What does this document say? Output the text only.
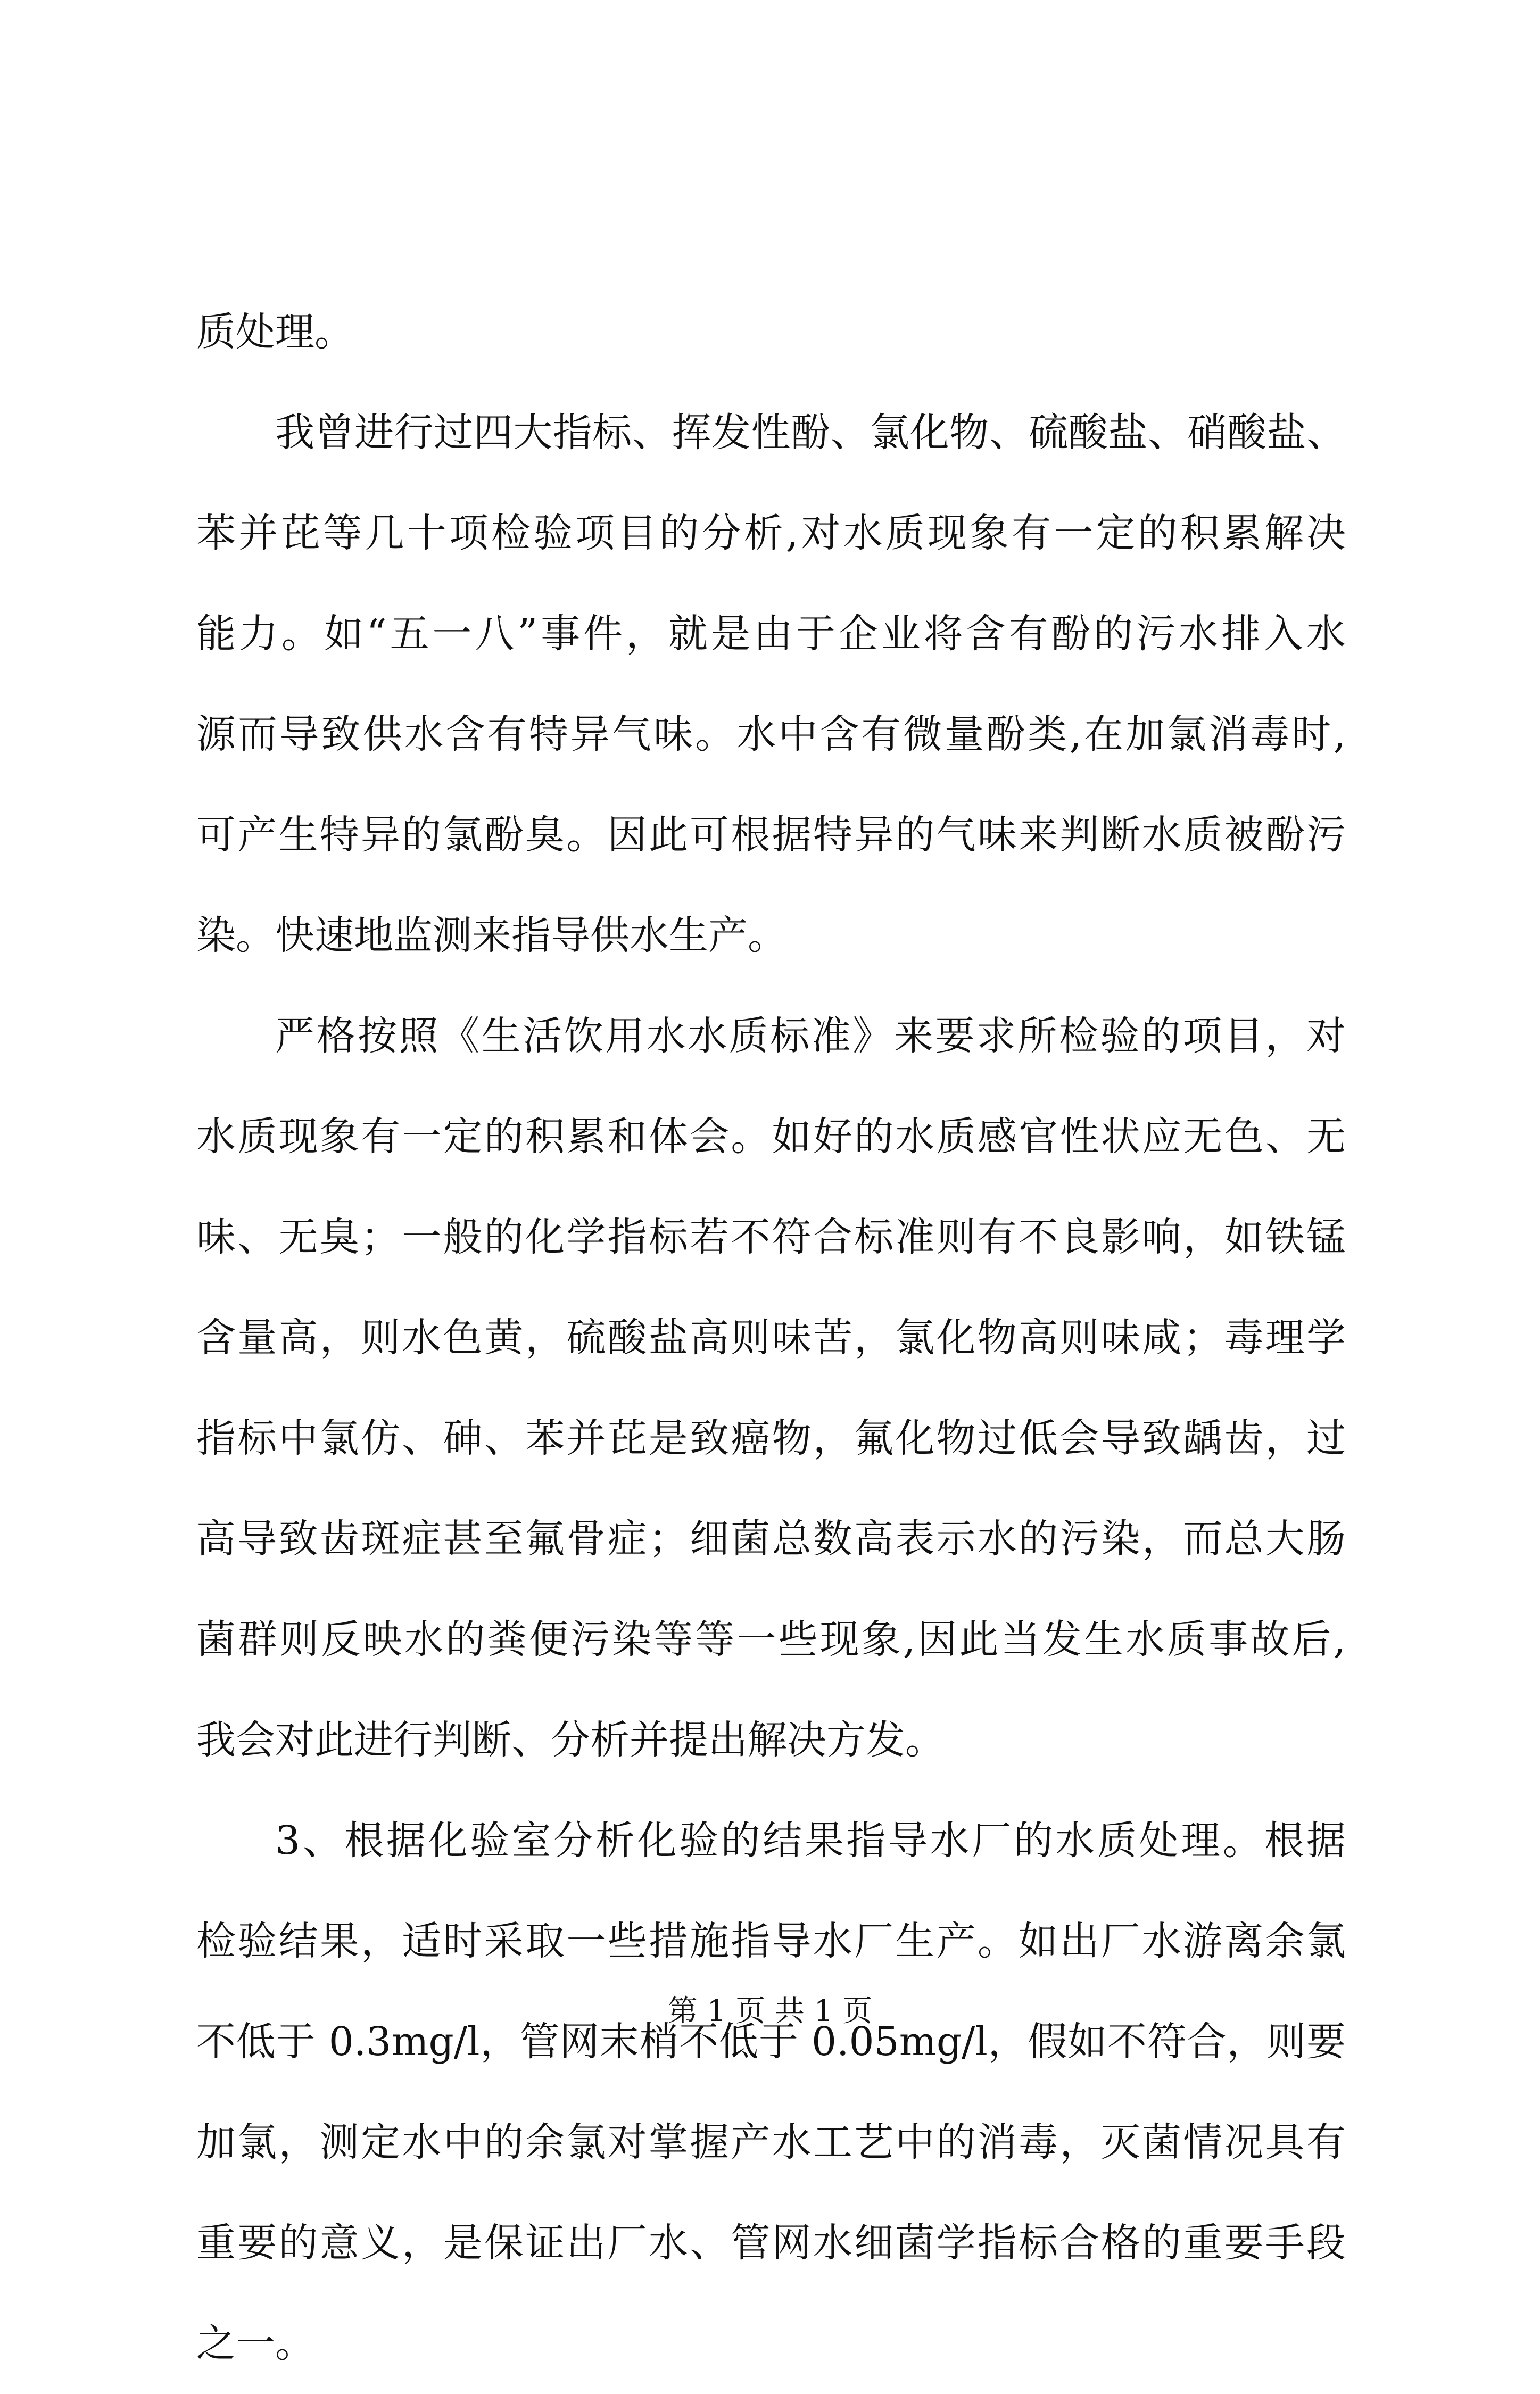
质处理。
我曾进行过四大指标、挥发性酚、氯化物、硫酸盐、硝酸盐、
苯并芘等几十项检验项目的分析,对水质现象有一定的积累解决
能力。如“五一八”事件，就是由于企业将含有酚的污水排入水
源而导致供水含有特异气味。水中含有微量酚类,在加氯消毒时,
可产生特异的氯酚臭。因此可根据特异的气味来判断水质被酚污
染。快速地监测来指导供水生产。
严格按照《生活饮用水水质标准》来要求所检验的项目，对
水质现象有一定的积累和体会。如好的水质感官性状应无色、无
味、无臭；一般的化学指标若不符合标准则有不良影响，如铁锰
含量高，则水色黄，硫酸盐高则味苦，氯化物高则味咸；毒理学
指标中氯仿、砷、苯并芘是致癌物，氟化物过低会导致龋齿，过
高导致齿斑症甚至氟骨症；细菌总数高表示水的污染，而总大肠
菌群则反映水的粪便污染等等一些现象,因此当发生水质事故后,
我会对此进行判断、分析并提出解决方发。
3、根据化验室分析化验的结果指导水厂的水质处理。根据
检验结果，适时采取一些措施指导水厂生产。如出厂水游离余氯
不低于 0.3mg/l，管网末梢不低于 0.05mg/l，假如不符合，则要
加氯，测定水中的余氯对掌握产水工艺中的消毒，灭菌情况具有
重要的意义，是保证出厂水、管网水细菌学指标合格的重要手段
之一。
第 1 页 共 1 页
